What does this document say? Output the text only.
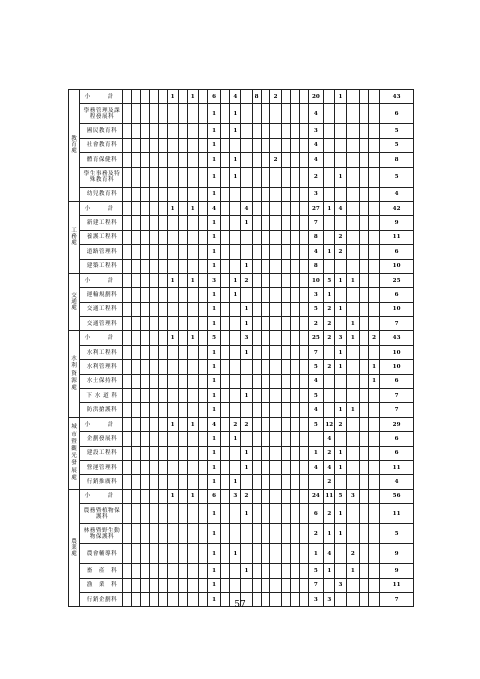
教育處	小　計						1		1		6		4		8		2				20		1				43
	學務管理及課程發展科										1		1								4						6
	國民教育科										1		1								3						5
	社會教育科										1										4						5
	體育保健科										1		1				2				4						8
	學生事務及特殊教育科										1		1								2		1				5
	幼兒教育科										1										3						4
工務處	小　計						1		1		4			4							27	1	4				42
	新建工程科										1			1							7						9
	養護工程科										1										8		2				11
	道路管理科										1										4	1	2				6
	建築工程科										1			1							8						10
交通處	小　計						1		1		3		1	2							10	5	1	1			25
	運輸規劃科										1		1								3	1					6
	交通工程科										1			1							5	2	1				10
	交通管理科										1			1							2	2		1			7
水利資源處	小　計						1		1		5			3							25	2	3	1		2	43
	水利工程科										1			1							7		1				10
	水利管理科										1										5	2	1			1	10
	水土保持科										1										4					1	6
	下 水 道 科										1			1							5						7
	防洪搶護科										1										4		1	1			7
城市暨觀光發展處	小　計						1		1		4		2	2							5	12	2				29
	企劃發展科										1		1									4					6
	建設工程科										1			1							1	2	1				6
	營運管理科										1			1							4	4	1				11
	行銷推廣科										1		1									2					4
農業處	小　計						1		1		6		3	2							24	11	5	3			56
	農務暨植物保護科										1			1							6	2	1				11
	林務暨野生動物保護科										1										2	1	1				5
	農會輔導科										1		1								1	4		2			9
	畜　產　科										1			1							5	1		1			9
	漁　業　科										1										7		3				11
	行銷企劃科										1										3	3					7
57
